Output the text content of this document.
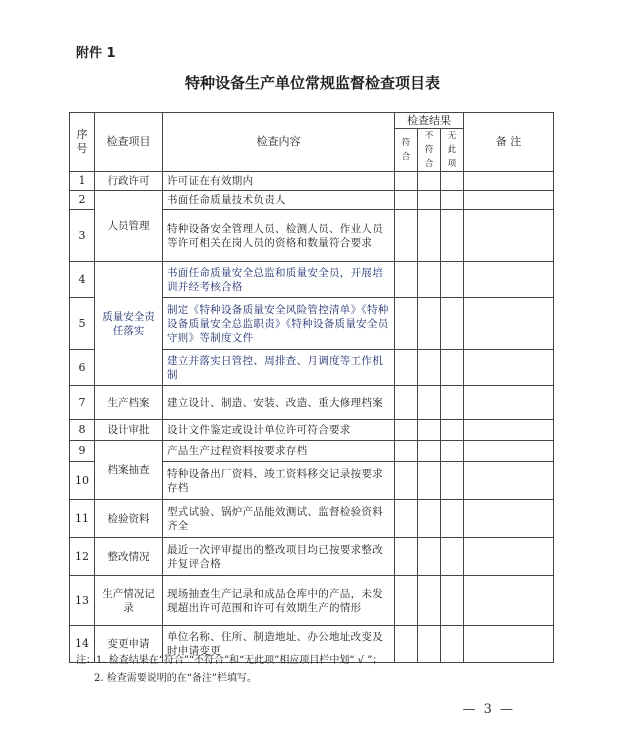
附件 1
特种设备生产单位常规监督检查项目表
序号	检查项目	检查内容	检查结果			备 注
			符合	不符合	无此项	
1	行政许可	许可证在有效期内				
2	人员管理	书面任命质量技术负责人				
3		特种设备安全管理人员、检测人员、作业人员等许可相关在岗人员的资格和数量符合要求				
4	质量安全责任落实	书面任命质量安全总监和质量安全员，开展培训并经考核合格				
5		制定《特种设备质量安全风险管控清单》《特种设备质量安全总监职责》《特种设备质量安全员守则》等制度文件				
6		建立并落实日管控、周排查、月调度等工作机制				
7	生产档案	建立设计、制造、安装、改造、重大修理档案				
8	设计审批	设计文件鉴定或设计单位许可符合要求				
9	档案抽查	产品生产过程资料按要求存档				
10		特种设备出厂资料、竣工资料移交记录按要求存档				
11	检验资料	型式试验、锅炉产品能效测试、监督检验资料齐全				
12	整改情况	最近一次评审提出的整改项目均已按要求整改并复评合格				
13	生产情况记录	现场抽查生产记录和成品仓库中的产品，未发现超出许可范围和许可有效期生产的情形				
14	变更申请	单位名称、住所、制造地址、办公地址改变及时申请变更				
注：1. 检查结果在“符合”“不符合”和“无此项”相应项目栏中划“ √ ”；
2. 检查需要说明的在“备注”栏填写。
— 3 —
